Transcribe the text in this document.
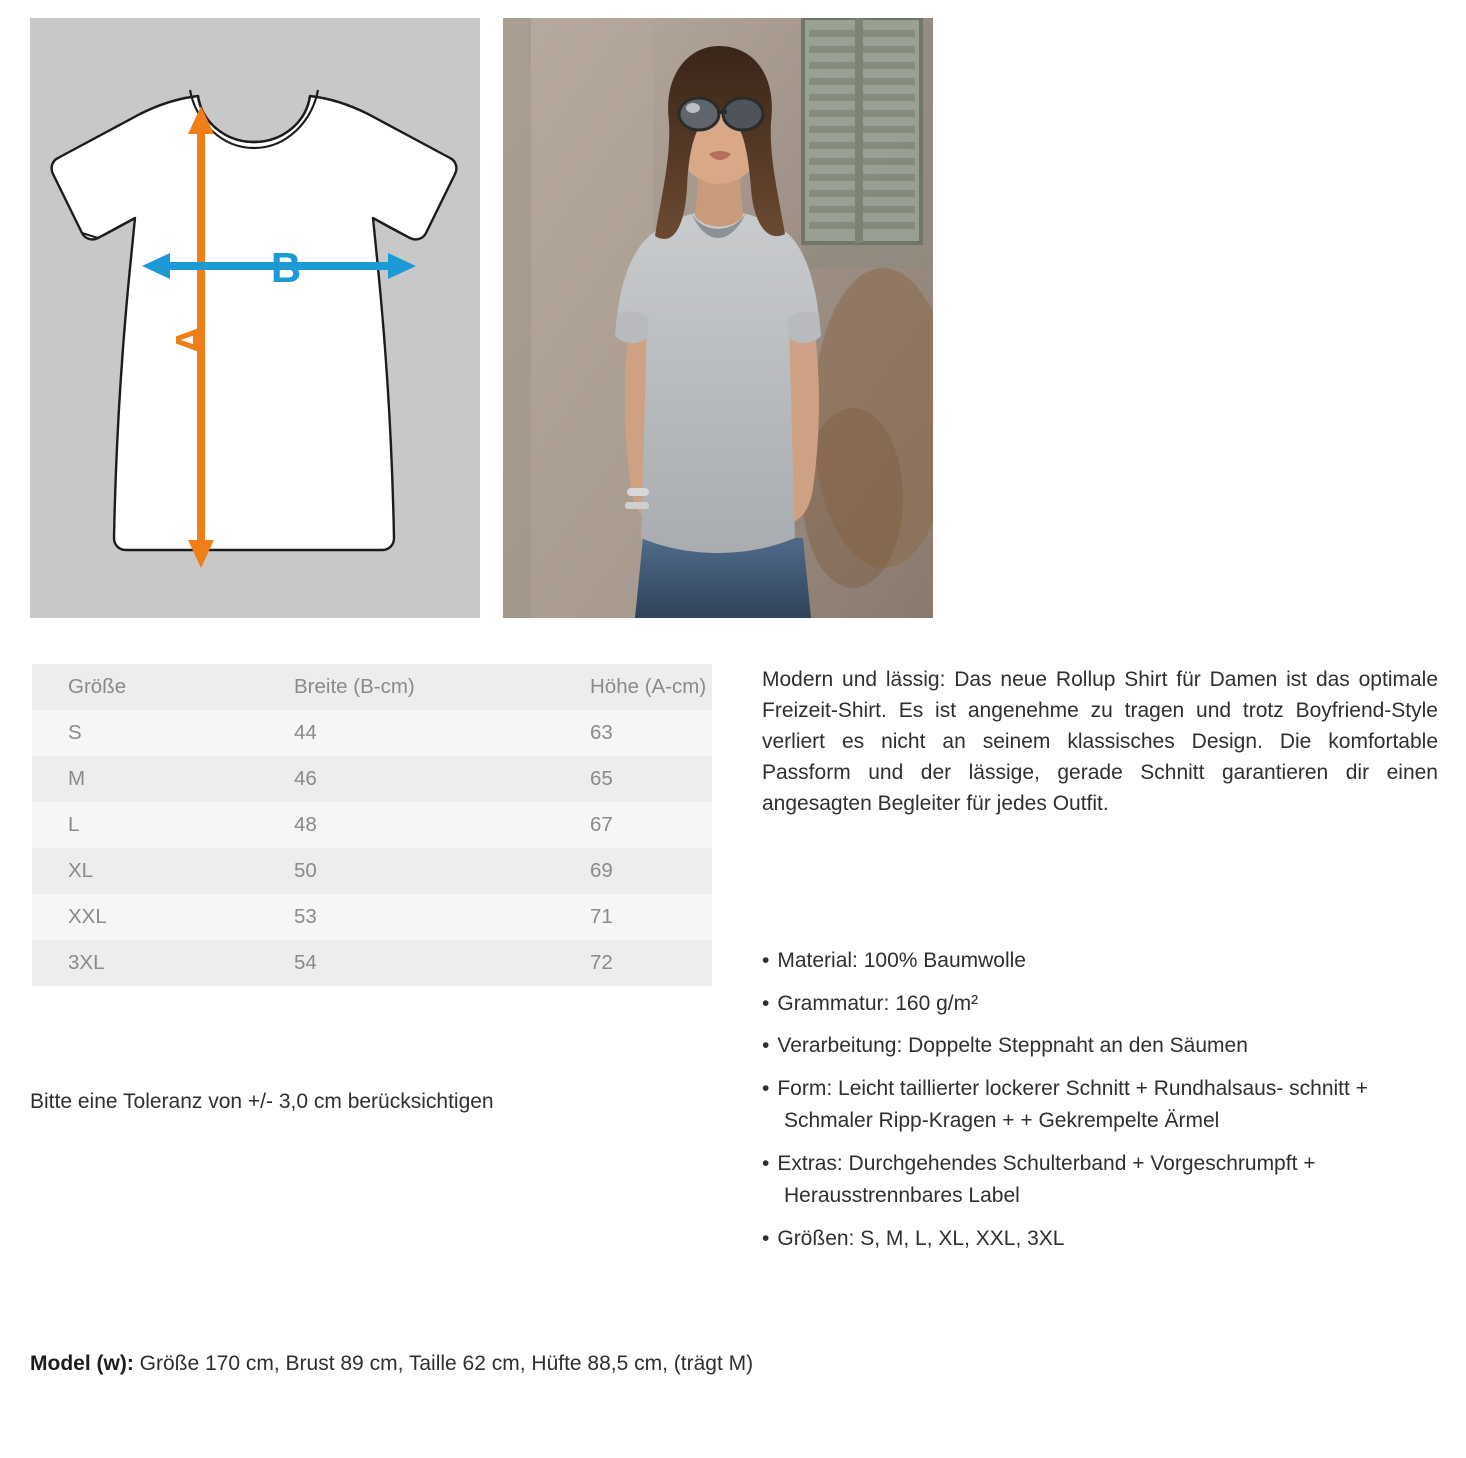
A
B
Größe	Breite (B-cm)	Höhe (A-cm)
S	44	63
M	46	65
L	48	67
XL	50	69
XXL	53	71
3XL	54	72
Bitte eine Toleranz von +/- 3,0 cm berücksichtigen
Modern und lässig: Das neue Rollup Shirt für Damen ist das optimale Freizeit-Shirt. Es ist angenehme zu tragen und trotz Boyfriend-Style verliert es nicht an seinem klassisches Design. Die komfortable Passform und der lässige, gerade Schnitt garantieren dir einen angesagten Begleiter für jedes Outfit.
• Material: 100% Baumwolle
• Grammatur: 160 g/m²
• Verarbeitung: Doppelte Steppnaht an den Säumen
• Form: Leicht taillierter lockerer Schnitt + Rundhalsaus- schnitt + Schmaler Ripp-Kragen + + Gekrempelte Ärmel
• Extras: Durchgehendes Schulterband + Vorgeschrumpft + Herausstrennbares Label
• Größen: S, M, L, XL, XXL, 3XL
Model (w): Größe 170 cm, Brust 89 cm, Taille 62 cm, Hüfte 88,5 cm, (trägt M)
